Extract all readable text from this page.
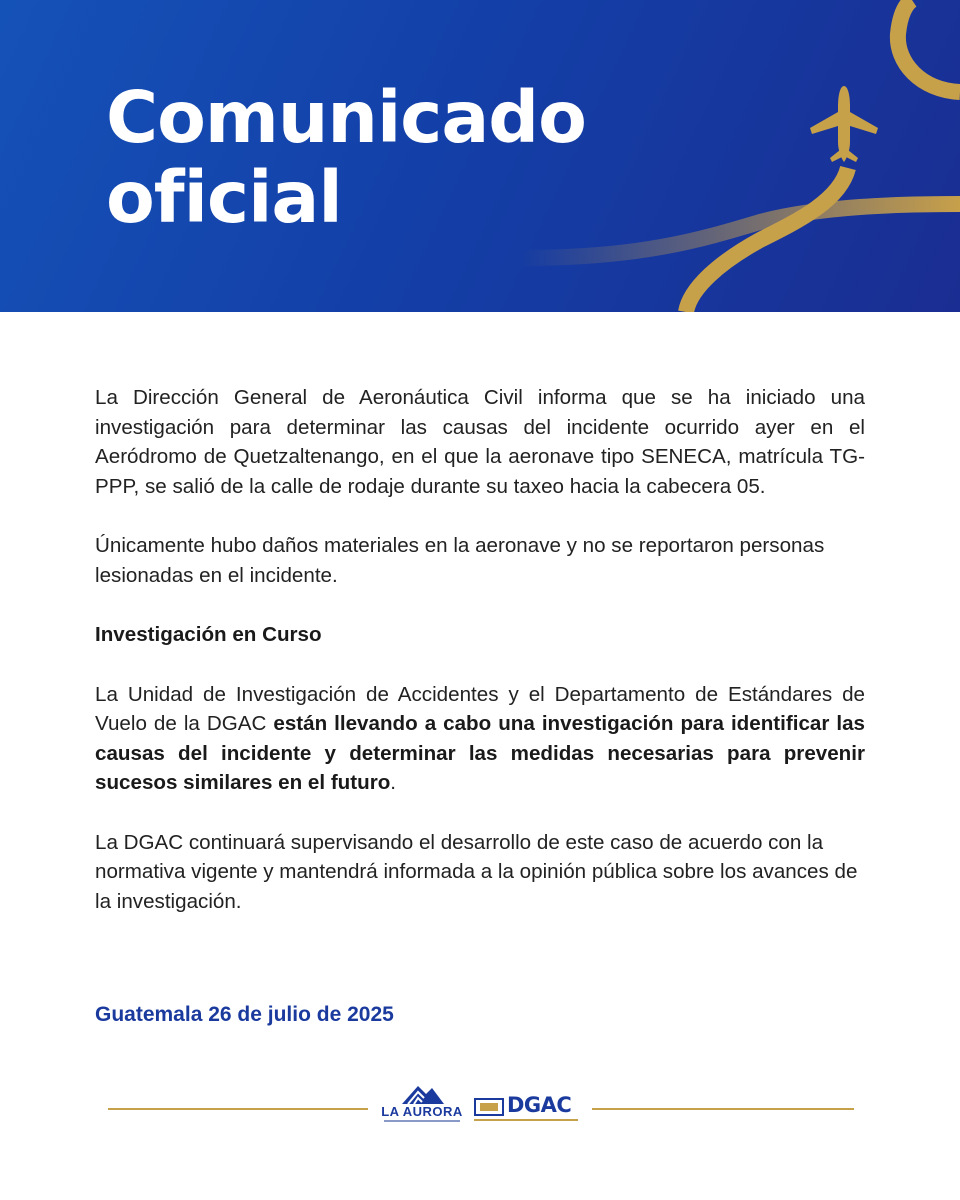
Comunicado
oficial

La Dirección General de Aeronáutica Civil informa que se ha iniciado una investigación para determinar las causas del incidente ocurrido ayer en el Aeródromo de Quetzaltenango, en el que la aeronave tipo SENECA, matrícula TG-PPP, se salió de la calle de rodaje durante su taxeo hacia la cabecera 05.

Únicamente hubo daños materiales en la aeronave y no se reportaron personas lesionadas en el incidente.

Investigación en Curso

La Unidad de Investigación de Accidentes y el Departamento de Estándares de Vuelo de la DGAC están llevando a cabo una investigación para identificar las causas del incidente y determinar las medidas necesarias para prevenir sucesos similares en el futuro.

La DGAC continuará supervisando el desarrollo de este caso de acuerdo con la normativa vigente y mantendrá informada a la opinión pública sobre los avances de la investigación.

Guatemala 26 de julio de 2025
LA AURORA DGAC
